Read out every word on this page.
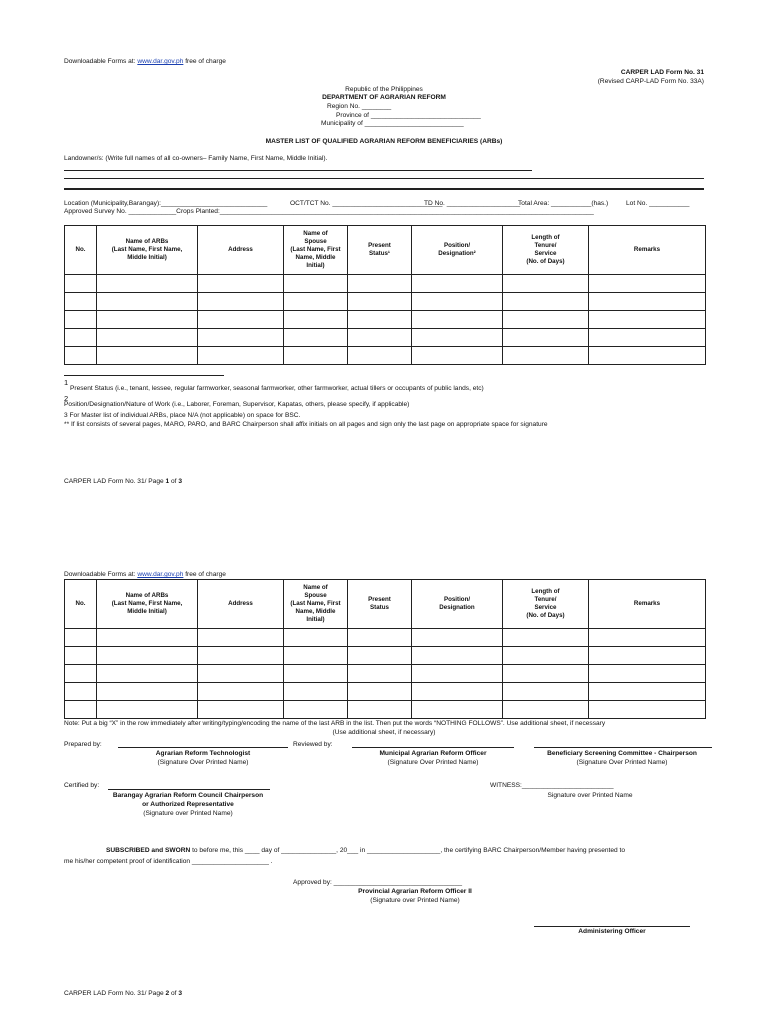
Downloadable Forms at: www.dar.gov.ph free of charge
CARPER LAD Form No. 31
(Revised CARP-LAD Form No. 33A)
Republic of the Philippines
DEPARTMENT OF AGRARIAN REFORM
Region No. ________
Province of ______________________________
Municipality of ___________________________
MASTER LIST OF QUALIFIED AGRARIAN REFORM BENEFICIARIES (ARBs)
Landowner/s: (Write full names of all co-owners– Family Name, First Name, Middle Initial).
Location (Municipality,Barangay):_____________________________	OCT/TCT No. ______________________________
TD No. ____________________
Total Area: ___________(has.)	Lot No. ___________
Approved Survey No. _____________Crops Planted:______________________________________________________________________________________________________
No.	Name of ARBs
(Last Name, First Name,
Middle Initial)	Address	Name of
Spouse
(Last Name, First
Name, Middle
Initial)	Present
Status¹	Position/
Designation²	Length of
Tenure/
Service
(No. of Days)	Remarks

1
Present Status (i.e., tenant, lessee, regular farmworker, seasonal farmworker, other farmworker, actual tillers or occupants of public lands, etc)
2
Position/Designation/Nature of Work (i.e., Laborer, Foreman, Supervisor, Kapatas, others, please specify, if applicable)
3 For Master list of individual ARBs, place N/A (not applicable) on space for BSC.
** If list consists of several pages, MARO, PARO, and BARC Chairperson shall affix initials on all pages and sign only the last page on appropriate space for signature
CARPER LAD Form No. 31/ Page 1 of 3
Downloadable Forms at: www.dar.gov.ph free of charge
No.	Name of ARBs
(Last Name, First Name,
Middle Initial)	Address	Name of
Spouse
(Last Name, First
Name, Middle
Initial)	Present
Status	Position/
Designation	Length of
Tenure/
Service
(No. of Days)	Remarks

Note: Put a big “X” in the row immediately after writing/typing/encoding the name of the last ARB in the list. Then put the words “NOTHING FOLLOWS”. Use additional sheet, if necessary
(Use additional sheet, if necessary)
Prepared by:
Agrarian Reform Technologist
(Signature Over Printed Name)
Reviewed by:
Municipal Agrarian Reform Officer
(Signature Over Printed Name)
Beneficiary Screening Committee - Chairperson
(Signature Over Printed Name)
Certified by:
Barangay Agrarian Reform Council Chairperson
or Authorized Representative
(Signature over Printed Name)
WITNESS:_________________________
Signature over Printed Name
SUBSCRIBED and SWORN to before me, this ____ day of _______________, 20___ in ____________________, the certifying BARC Chairperson/Member having presented to
me his/her competent proof of identification _____________________ .
Approved by: ___________________________________
Provincial Agrarian Reform Officer II
(Signature over Printed Name)
Administering Officer
CARPER LAD Form No. 31/ Page 2 of 3
